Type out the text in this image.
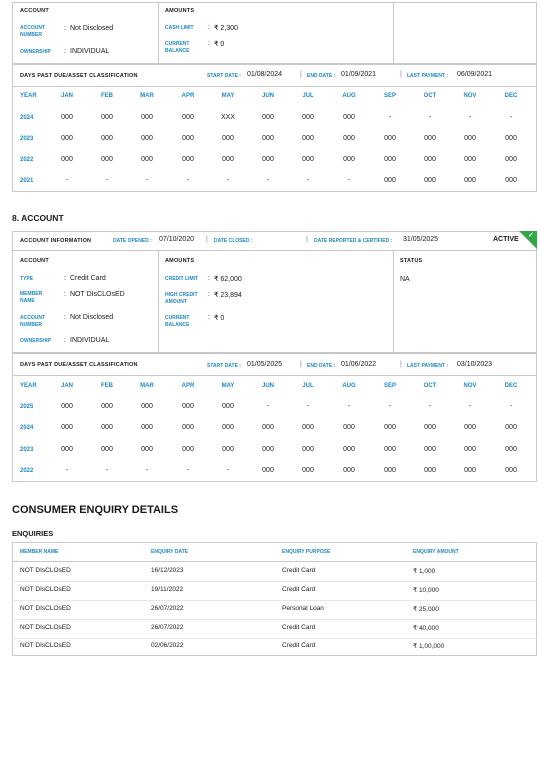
ACCOUNT	AMOUNTS
ACCOUNT NUMBER
: Not Disclosed
OWNERSHIP : INDIVIDUAL
CASH LIMIT : ₹ 2,300
CURRENT BALANCE
: ₹ 0
DAYS PAST DUE/ASSET CLASSIFICATION	START DATE : 01/08/2024	| END DATE : 01/09/2021	| LAST PAYMENT : 06/09/2021
8. ACCOUNT
ACCOUNT INFORMATION	DATE OPENED : 07/10/2020 | DATE CLOSED :	| DATE REPORTED & CERTIFIED : 31/05/2025	ACTIVE
✓
ACCOUNT	AMOUNTS	STATUS
NA
TYPE	: Credit Card
MEMBER NAME
: NOT DIsCLOsED
ACCOUNT NUMBER
: Not Disclosed
OWNERSHIP : INDIVIDUAL
CREDIT LIMIT : ₹ 62,000
HIGH CREDIT AMOUNT
: ₹ 23,894
CURRENT BALANCE
: ₹ 0
DAYS PAST DUE/ASSET CLASSIFICATION	START DATE : 01/05/2025	| END DATE : 01/06/2022	| LAST PAYMENT : 03/10/2023
CONSUMER ENQUIRY DETAILS
ENQUIRIES
YEAR	JAN	FEB	MAR	APR	MAY	JUN	JUL	AUG	SEP	OCT	NOV	DEC
2024	000	000	000	000	XXX	000	000	000	-	-	-	-
2023	000	000	000	000	000	000	000	000	000	000	000	000
2022	000	000	000	000	000	000	000	000	000	000	000	000
2021	-	-	-	-	-	-	-	-	000	000	000	000
YEAR	JAN	FEB	MAR	APR	MAY	JUN	JUL	AUG	SEP	OCT	NOV	DEC
2025	000	000	000	000	000	-	-	-	-	-	-	-
2024	000	000	000	000	000	000	000	000	000	000	000	000
2023	000	000	000	000	000	000	000	000	000	000	000	000
2022	-	-	-	-	-	000	000	000	000	000	000	000
MEMBER NAME	ENQUIRY DATE	ENQUIRY PURPOSE	ENQUIRY AMOUNT
NOT DIsCLOsED	16/12/2023	Credit Card	₹ 1,000
NOT DIsCLOsED	19/11/2022	Credit Card	₹ 10,000
NOT DIsCLOsED	26/07/2022	Personal Loan	₹ 25,000
NOT DIsCLOsED	26/07/2022	Credit Card	₹ 40,000
NOT DIsCLOsED	02/06/2022	Credit Card	₹ 1,00,000
